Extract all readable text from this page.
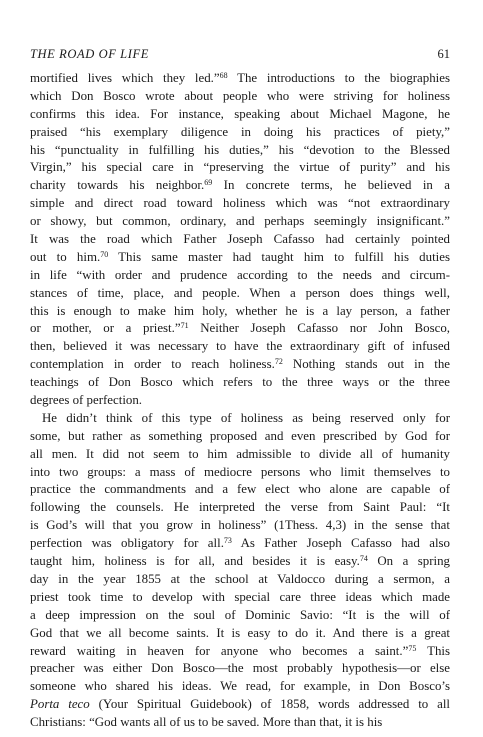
THE ROAD OF LIFE	61
mortified lives which they led.”$^{68}$ The introductions to the biographies
which Don Bosco wrote about people who were striving for holiness
confirms this idea. For instance, speaking about Michael Magone, he
praised “his exemplary diligence in doing his practices of piety,”
his “punctuality in fulfilling his duties,” his “devotion to the Blessed
Virgin,” his special care in “preserving the virtue of purity” and his
charity towards his neighbor.$^{69}$ In concrete terms, he believed in a
simple and direct road toward holiness which was “not extraordinary
or showy, but common, ordinary, and perhaps seemingly insignificant.”
It was the road which Father Joseph Cafasso had certainly pointed
out to him.$^{70}$ This same master had taught him to fulfill his duties
in life “with order and prudence according to the needs and circum-
stances of time, place, and people. When a person does things well,
this is enough to make him holy, whether he is a lay person, a father
or mother, or a priest.”$^{71}$ Neither Joseph Cafasso nor John Bosco,
then, believed it was necessary to have the extraordinary gift of infused
contemplation in order to reach holiness.$^{72}$ Nothing stands out in the
teachings of Don Bosco which refers to the three ways or the three
degrees of perfection.
He didn’t think of this type of holiness as being reserved only for
some, but rather as something proposed and even prescribed by God for
all men. It did not seem to him admissible to divide all of humanity
into two groups: a mass of mediocre persons who limit themselves to
practice the commandments and a few elect who alone are capable of
following the counsels. He interpreted the verse from Saint Paul: “It
is God’s will that you grow in holiness” (1Thess. 4,3) in the sense that
perfection was obligatory for all.$^{73}$ As Father Joseph Cafasso had also
taught him, holiness is for all, and besides it is easy.$^{74}$ On a spring
day in the year 1855 at the school at Valdocco during a sermon, a
priest took time to develop with special care three ideas which made
a deep impression on the soul of Dominic Savio: “It is the will of
God that we all become saints. It is easy to do it. And there is a great
reward waiting in heaven for anyone who becomes a saint.”$^{75}$ This
preacher was either Don Bosco—the most probably hypothesis—or else
someone who shared his ideas. We read, for example, in Don Bosco’s
Porta teco (Your Spiritual Guidebook) of 1858, words addressed to all
Christians: “God wants all of us to be saved. More than that, it is his
